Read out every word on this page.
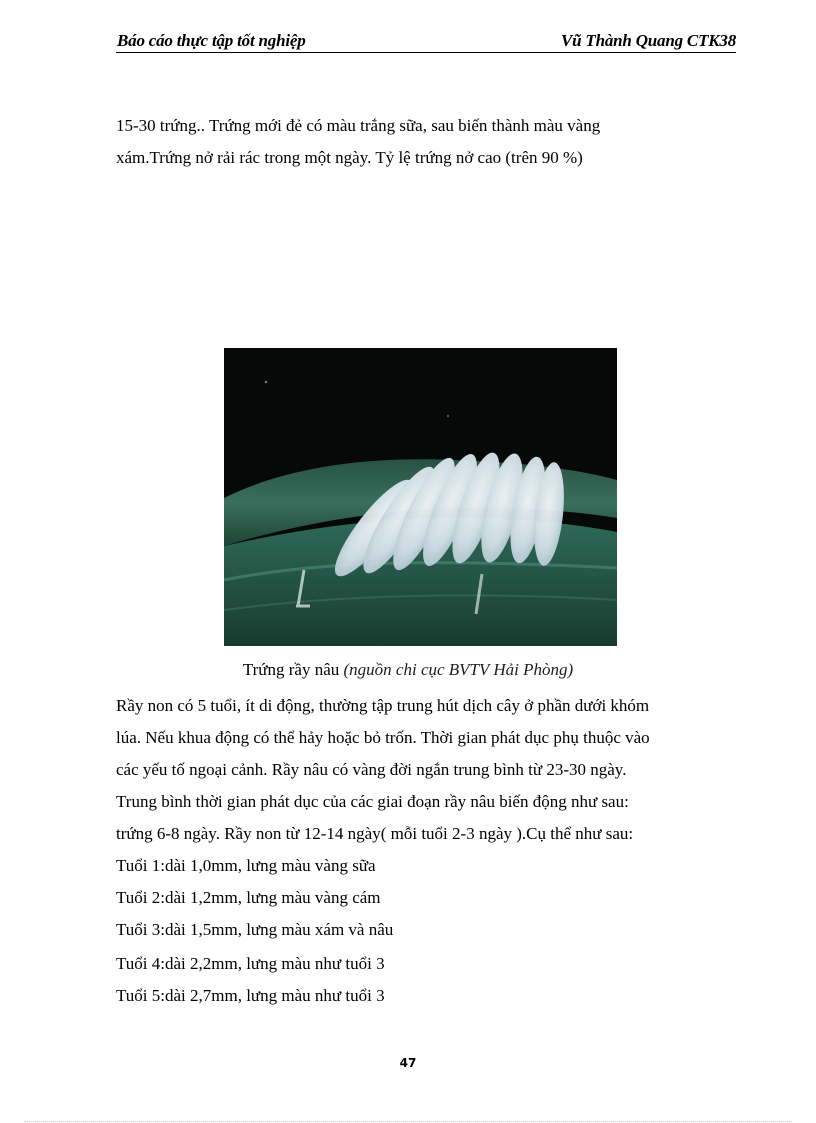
Báo cáo thực tập tốt nghiệp	Vũ Thành Quang CTK38
15-30 trứng.. Trứng mới đẻ có màu trắng sữa, sau biến thành màu vàng
xám.Trứng nở rải rác trong một ngày. Tỷ lệ trứng nở cao (trên 90 %)
Trứng rầy nâu (nguồn chi cục BVTV Hải Phòng)
Rầy non có 5 tuổi, ít di động, thường tập trung hút dịch cây ở phần dưới khóm
lúa. Nếu khua động có thể hảy hoặc bỏ trốn. Thời gian phát dục phụ thuộc vào
các yếu tố ngoại cảnh. Rầy nâu có vàng đời ngắn trung bình từ 23-30 ngày.
Trung bình thời gian phát dục của các giai đoạn rầy nâu biến động như sau:
trứng 6-8 ngày. Rầy non từ 12-14 ngày( mỗi tuổi 2-3 ngày ).Cụ thể như sau:
Tuổi 1:dài 1,0mm, lưng màu vàng sữa
Tuổi 2:dài 1,2mm, lưng màu vàng cám
Tuổi 3:dài 1,5mm, lưng màu xám và nâu
Tuổi 4:dài 2,2mm, lưng màu như tuổi 3
Tuổi 5:dài 2,7mm, lưng màu như tuổi 3
47
